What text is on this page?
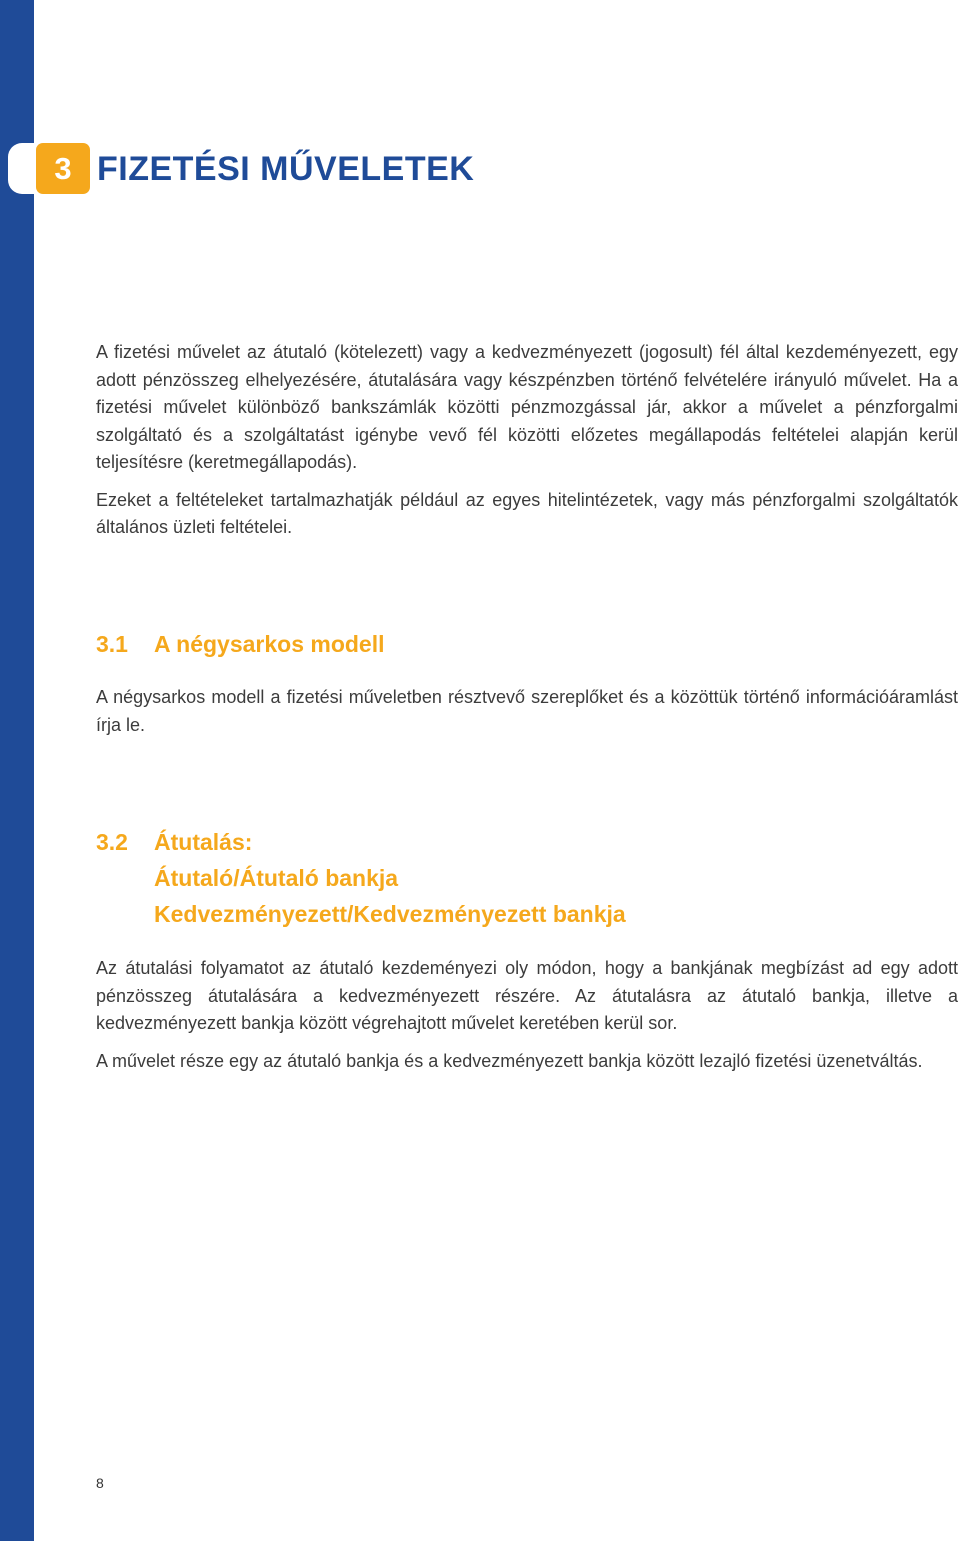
3 FIZETÉSI MŰVELETEK

A fizetési művelet az átutaló (kötelezett) vagy a kedvezményezett (jogosult) fél által kezdeményezett, egy adott pénzösszeg elhelyezésére, átutalására vagy készpénzben történő felvételére irányuló művelet. Ha a fizetési művelet különböző bankszámlák közötti pénzmozgással jár, akkor a művelet a pénzforgalmi szolgáltató és a szolgáltatást igénybe vevő fél közötti előzetes megállapodás feltételei alapján kerül teljesítésre (keretmegállapodás).

Ezeket a feltételeket tartalmazhatják például az egyes hitelintézetek, vagy más pénzforgalmi szolgáltatók általános üzleti feltételei.

3.1	A négysarkos modell

A négysarkos modell a fizetési műveletben résztvevő szereplőket és a közöttük történő információáramlást írja le.

3.2	Átutalás:
Átutaló/Átutaló bankja
Kedvezményezett/Kedvezményezett bankja

Az átutalási folyamatot az átutaló kezdeményezi oly módon, hogy a bankjának megbízást ad egy adott pénzösszeg átutalására a kedvezményezett részére. Az átutalásra az átutaló bankja, illetve a kedvezményezett bankja között végrehajtott művelet keretében kerül sor.

A művelet része egy az átutaló bankja és a kedvezményezett bankja között lezajló fizetési üzenetváltás.

8
